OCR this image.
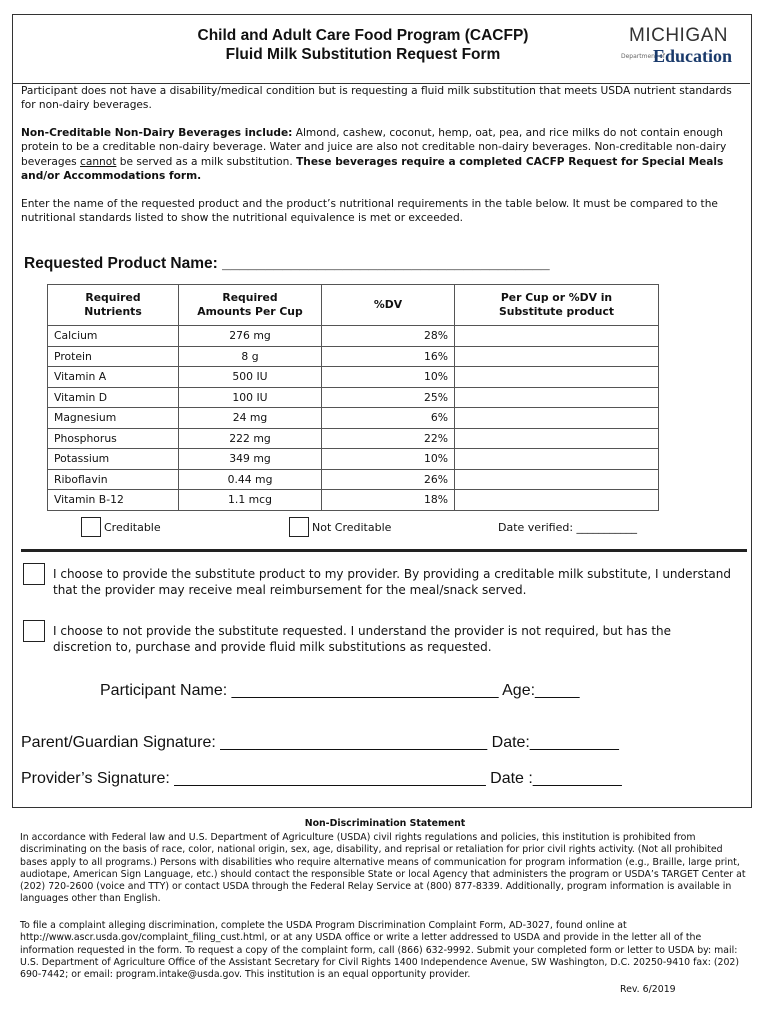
Child and Adult Care Food Program (CACFP)
Fluid Milk Substitution Request Form
MICHIGAN
Department of
Education
Participant does not have a disability/medical condition but is requesting a fluid milk substitution that meets USDA nutrient standards for non-dairy beverages.
Non-Creditable Non-Dairy Beverages include: Almond, cashew, coconut, hemp, oat, pea, and rice milks do not contain enough protein to be a creditable non-dairy beverage. Water and juice are also not creditable non-dairy beverages. Non-creditable non-dairy beverages cannot be served as a milk substitution. These beverages require a completed CACFP Request for Special Meals and/or Accommodations form.
Enter the name of the requested product and the product’s nutritional requirements in the table below. It must be compared to the nutritional standards listed to show the nutritional equivalence is met or exceeded.
Requested Product Name: ______________________________________
Required
Nutrients	Required
Amounts Per Cup	%DV	Per Cup or %DV in
Substitute product
Calcium	276 mg	28%	
Protein	8 g	16%	
Vitamin A	500 IU	10%	
Vitamin D	100 IU	25%	
Magnesium	24 mg	6%	
Phosphorus	222 mg	22%	
Potassium	349 mg	10%	
Riboflavin	0.44 mg	26%	
Vitamin B-12	1.1 mcg	18%	
Creditable	Not Creditable	Date verified: ___________
I choose to provide the substitute product to my provider. By providing a creditable milk substitute, I understand that the provider may receive meal reimbursement for the meal/snack served.
I choose to not provide the substitute requested. I understand the provider is not required, but has the discretion to, purchase and provide fluid milk substitutions as requested.
Participant Name: ______________________________ Age:_____
Parent/Guardian Signature: ______________________________ Date:__________
Provider’s Signature: ___________________________________ Date :__________
Non-Discrimination Statement
In accordance with Federal law and U.S. Department of Agriculture (USDA) civil rights regulations and policies, this institution is prohibited from discriminating on the basis of race, color, national origin, sex, age, disability, and reprisal or retaliation for prior civil rights activity. (Not all prohibited bases apply to all programs.) Persons with disabilities who require alternative means of communication for program information (e.g., Braille, large print, audiotape, American Sign Language, etc.) should contact the responsible State or local Agency that administers the program or USDA’s TARGET Center at (202) 720-2600 (voice and TTY) or contact USDA through the Federal Relay Service at (800) 877-8339. Additionally, program information is available in languages other than English.
To file a complaint alleging discrimination, complete the USDA Program Discrimination Complaint Form, AD-3027, found online at http://www.ascr.usda.gov/complaint_filing_cust.html, or at any USDA office or write a letter addressed to USDA and provide in the letter all of the information requested in the form. To request a copy of the complaint form, call (866) 632-9992. Submit your completed form or letter to USDA by: mail: U.S. Department of Agriculture Office of the Assistant Secretary for Civil Rights 1400 Independence Avenue, SW Washington, D.C. 20250-9410 fax: (202) 690-7442; or email: program.intake@usda.gov. This institution is an equal opportunity provider.
Rev. 6/2019
